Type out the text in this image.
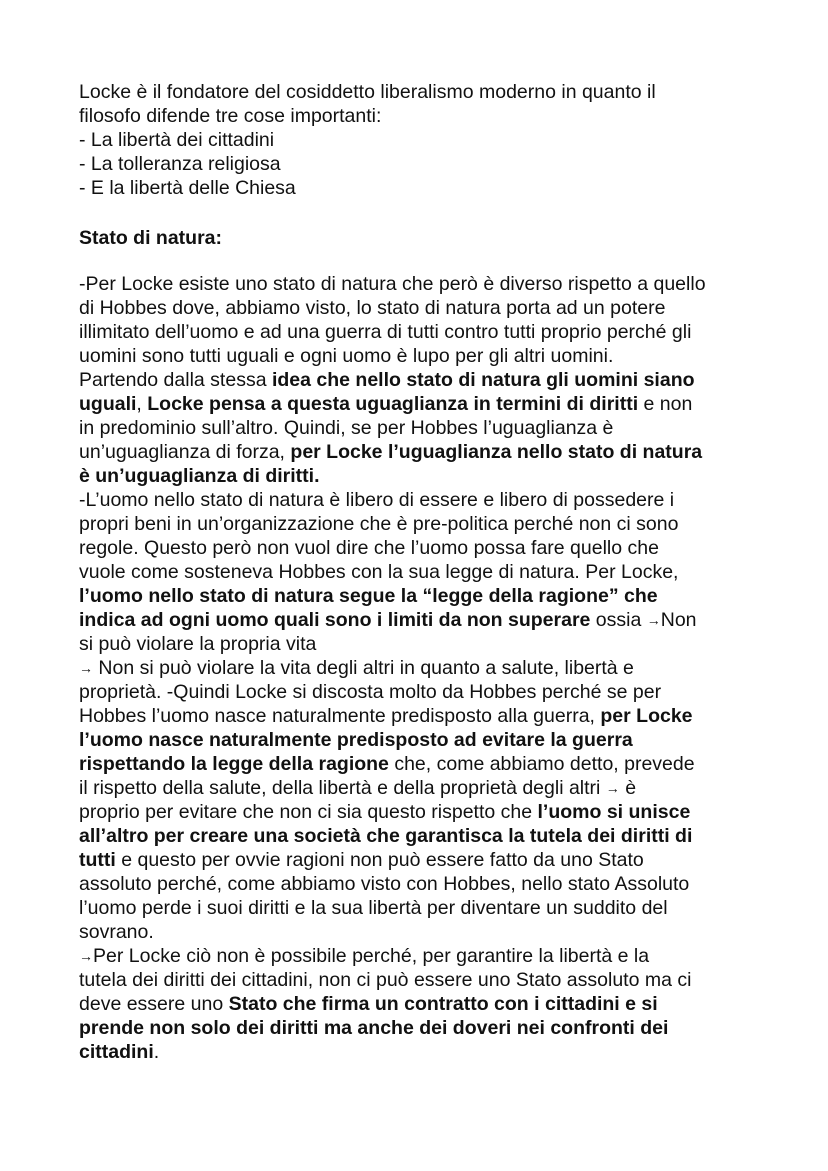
Locke è il fondatore del cosiddetto liberalismo moderno in quanto il
filosofo difende tre cose importanti:
- La libertà dei cittadini
- La tolleranza religiosa
- E la libertà delle Chiesa
Stato di natura:
-Per Locke esiste uno stato di natura che però è diverso rispetto a quello
di Hobbes dove, abbiamo visto, lo stato di natura porta ad un potere
illimitato dell’uomo e ad una guerra di tutti contro tutti proprio perché gli
uomini sono tutti uguali e ogni uomo è lupo per gli altri uomini.
Partendo dalla stessa idea che nello stato di natura gli uomini siano
uguali, Locke pensa a questa uguaglianza in termini di diritti e non
in predominio sull’altro. Quindi, se per Hobbes l’uguaglianza è
un’uguaglianza di forza, per Locke l’uguaglianza nello stato di natura
è un’uguaglianza di diritti.
-L’uomo nello stato di natura è libero di essere e libero di possedere i
propri beni in un’organizzazione che è pre-politica perché non ci sono
regole. Questo però non vuol dire che l’uomo possa fare quello che
vuole come sosteneva Hobbes con la sua legge di natura. Per Locke,
l’uomo nello stato di natura segue la “legge della ragione” che
indica ad ogni uomo quali sono i limiti da non superare ossia →Non
si può violare la propria vita
→ Non si può violare la vita degli altri in quanto a salute, libertà e
proprietà. -Quindi Locke si discosta molto da Hobbes perché se per
Hobbes l’uomo nasce naturalmente predisposto alla guerra, per Locke
l’uomo nasce naturalmente predisposto ad evitare la guerra
rispettando la legge della ragione che, come abbiamo detto, prevede
il rispetto della salute, della libertà e della proprietà degli altri → è
proprio per evitare che non ci sia questo rispetto che l’uomo si unisce
all’altro per creare una società che garantisca la tutela dei diritti di
tutti e questo per ovvie ragioni non può essere fatto da uno Stato
assoluto perché, come abbiamo visto con Hobbes, nello stato Assoluto
l’uomo perde i suoi diritti e la sua libertà per diventare un suddito del
sovrano.
→Per Locke ciò non è possibile perché, per garantire la libertà e la
tutela dei diritti dei cittadini, non ci può essere uno Stato assoluto ma ci
deve essere uno Stato che firma un contratto con i cittadini e si
prende non solo dei diritti ma anche dei doveri nei confronti dei
cittadini.
